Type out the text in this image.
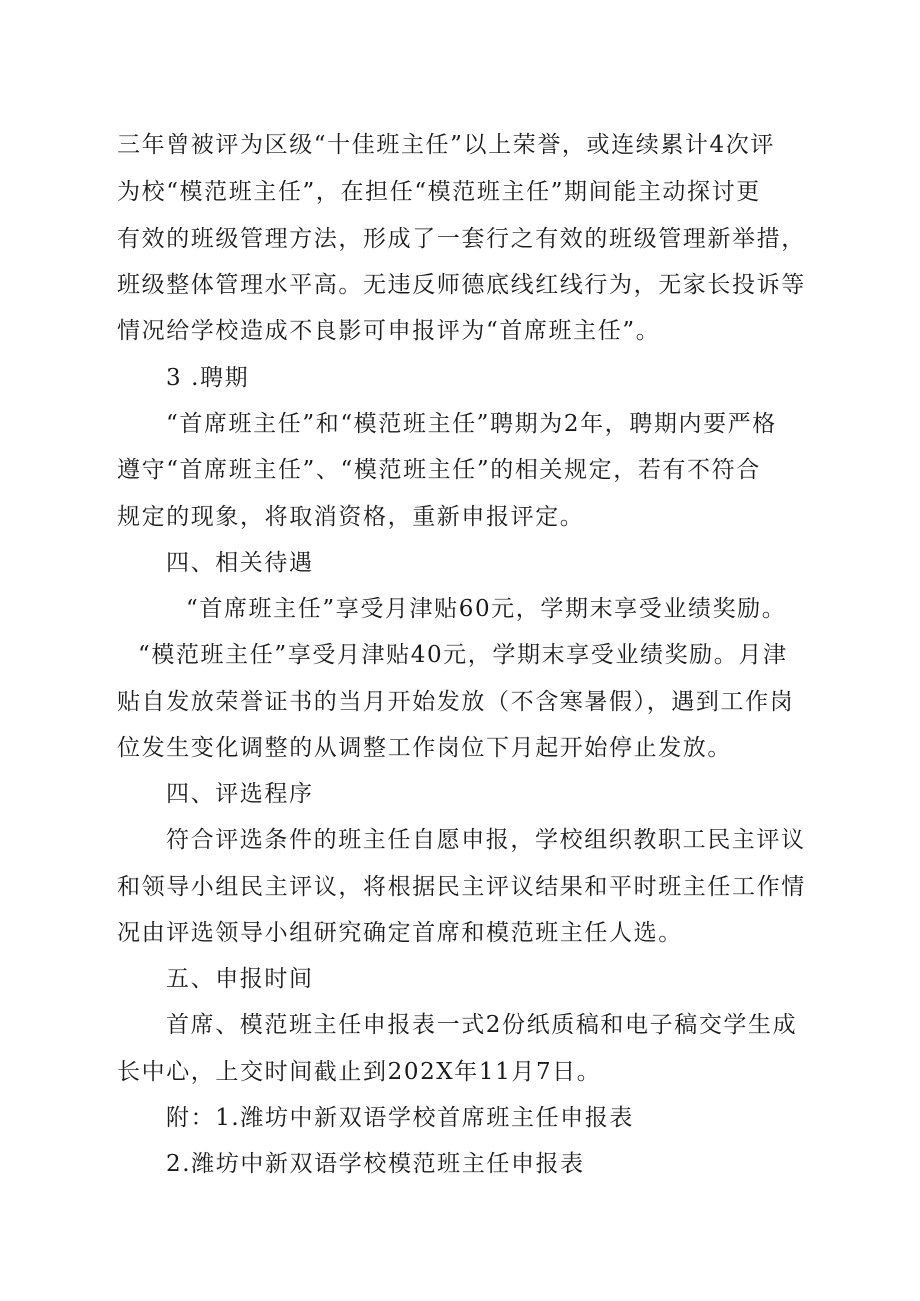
三年曾被评为区级“十佳班主任”以上荣誉，或连续累计4次评
为校“模范班主任”，在担任“模范班主任”期间能主动探讨更
有效的班级管理方法，形成了一套行之有效的班级管理新举措，
班级整体管理水平高。无违反师德底线红线行为，无家长投诉等
情况给学校造成不良影可申报评为“首席班主任”。
3 .聘期
“首席班主任”和“模范班主任”聘期为2年，聘期内要严格
遵守“首席班主任”、“模范班主任”的相关规定，若有不符合
规定的现象，将取消资格，重新申报评定。
四、相关待遇
“首席班主任”享受月津贴60元，学期末享受业绩奖励。
“模范班主任”享受月津贴40元，学期末享受业绩奖励。月津
贴自发放荣誉证书的当月开始发放（不含寒暑假），遇到工作岗
位发生变化调整的从调整工作岗位下月起开始停止发放。
四、评选程序
符合评选条件的班主任自愿申报，学校组织教职工民主评议
和领导小组民主评议，将根据民主评议结果和平时班主任工作情
况由评选领导小组研究确定首席和模范班主任人选。
五、申报时间
首席、模范班主任申报表一式2份纸质稿和电子稿交学生成
长中心，上交时间截止到202X年11月7日。
附：1.潍坊中新双语学校首席班主任申报表
2.潍坊中新双语学校模范班主任申报表
